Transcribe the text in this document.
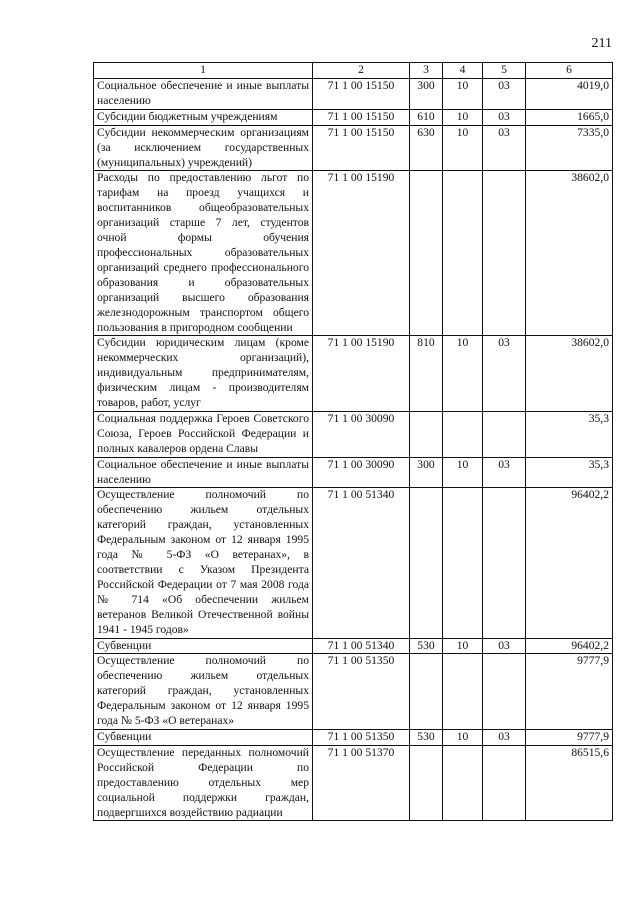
211
1	2	3	4	5	6
Социальное обеспечение и иные выплаты населению	71 1 00 15150	300	10	03	4019,0
Субсидии бюджетным учреждениям	71 1 00 15150	610	10	03	1665,0
Субсидии некоммерческим организациям (за исключением государственных (муниципальных) учреждений)	71 1 00 15150	630	10	03	7335,0
Расходы по предоставлению льгот по тарифам на проезд учащихся и воспитанников общеобразовательных организаций старше 7 лет, студентов очной формы обучения профессиональных образовательных организаций среднего профессионального образования и образовательных организаций высшего образования железнодорожным транспортом общего пользования в пригородном сообщении	71 1 00 15190				38602,0
Субсидии юридическим лицам (кроме некоммерческих организаций), индивидуальным предпринимателям, физическим лицам - производителям товаров, работ, услуг	71 1 00 15190	810	10	03	38602,0
Социальная поддержка Героев Советского Союза, Героев Российской Федерации и полных кавалеров ордена Славы	71 1 00 30090				35,3
Социальное обеспечение и иные выплаты населению	71 1 00 30090	300	10	03	35,3
Осуществление полномочий по обеспечению жильем отдельных категорий граждан, установленных Федеральным законом от 12 января 1995 года № 5-ФЗ «О ветеранах», в соответствии с Указом Президента Российской Федерации от 7 мая 2008 года № 714 «Об обеспечении жильем ветеранов Великой Отечественной войны 1941 - 1945 годов»	71 1 00 51340				96402,2
Субвенции	71 1 00 51340	530	10	03	96402,2
Осуществление полномочий по обеспечению жильем отдельных категорий граждан, установленных Федеральным законом от 12 января 1995 года № 5-ФЗ «О ветеранах»	71 1 00 51350				9777,9
Субвенции	71 1 00 51350	530	10	03	9777,9
Осуществление переданных полномочий Российской Федерации по предоставлению отдельных мер социальной поддержки граждан, подвергшихся воздействию радиации	71 1 00 51370				86515,6
